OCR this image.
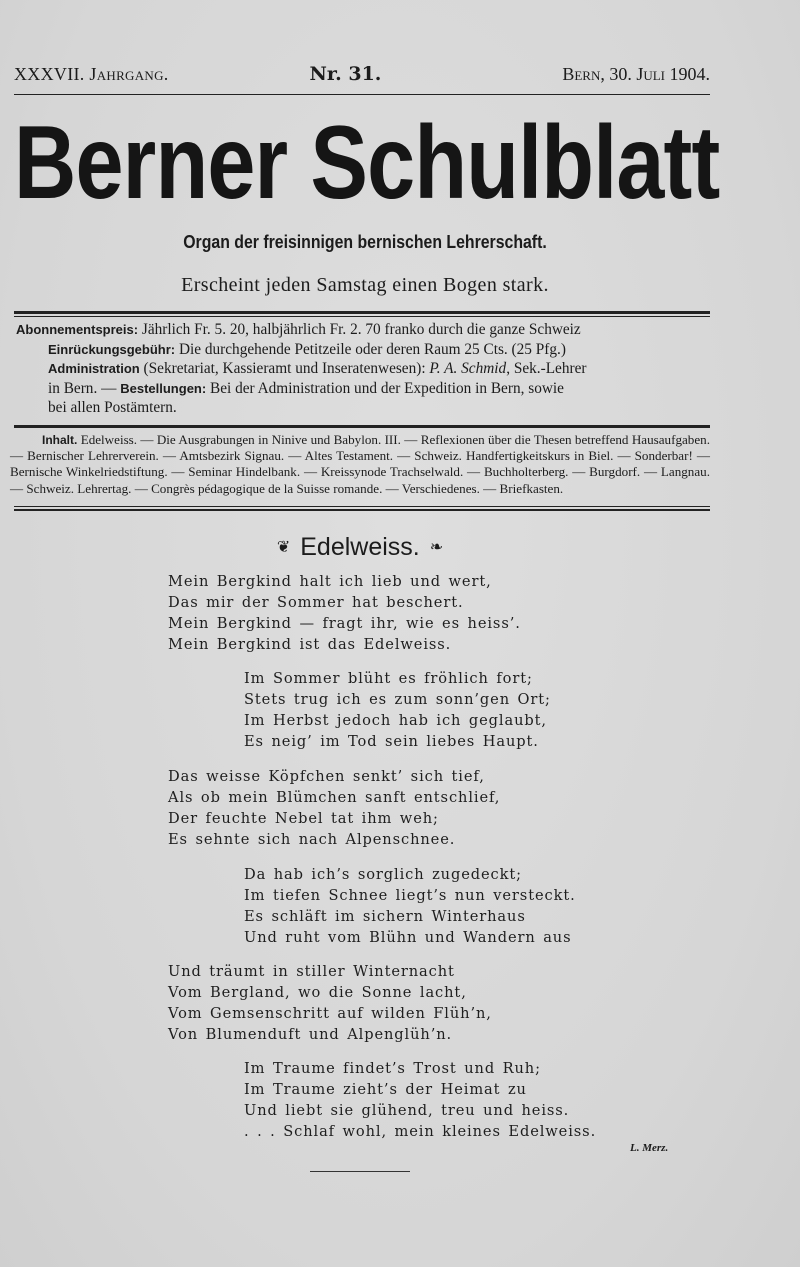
XXXVII. Jahrgang.	Nr. 31.	Bern, 30. Juli 1904.
Berner Schulblatt
Organ der freisinnigen bernischen Lehrerschaft.
Erscheint jeden Samstag einen Bogen stark.
Abonnementspreis: Jährlich Fr. 5. 20, halbjährlich Fr. 2. 70 franko durch die ganze Schweiz
Einrückungsgebühr: Die durchgehende Petitzeile oder deren Raum 25 Cts. (25 Pfg.)
Administration (Sekretariat, Kassieramt und Inseratenwesen): P. A. Schmid, Sek.-Lehrer
in Bern. — Bestellungen: Bei der Administration und der Expedition in Bern, sowie
bei allen Postämtern.
Inhalt. Edelweiss. — Die Ausgrabungen in Ninive und Babylon. III. — Reflexionen über die Thesen betreffend Hausaufgaben. — Bernischer Lehrerverein. — Amtsbezirk Signau. — Altes Testament. — Schweiz. Handfertigkeitskurs in Biel. — Sonderbar! — Bernische Winkelriedstiftung. — Seminar Hindelbank. — Kreissynode Trachselwald. — Buchholterberg. — Burgdorf. — Langnau. — Schweiz. Lehrertag. — Congrès pédagogique de la Suisse romande. — Verschiedenes. — Briefkasten.
❦ Edelweiss. ❧
Mein Bergkind halt ich lieb und wert,
Das mir der Sommer hat beschert.
Mein Bergkind — fragt ihr, wie es heiss’.
Mein Bergkind ist das Edelweiss.
Im Sommer blüht es fröhlich fort;
Stets trug ich es zum sonn’gen Ort;
Im Herbst jedoch hab ich geglaubt,
Es neig’ im Tod sein liebes Haupt.
Das weisse Köpfchen senkt’ sich tief,
Als ob mein Blümchen sanft entschlief,
Der feuchte Nebel tat ihm weh;
Es sehnte sich nach Alpenschnee.
Da hab ich’s sorglich zugedeckt;
Im tiefen Schnee liegt’s nun versteckt.
Es schläft im sichern Winterhaus
Und ruht vom Blühn und Wandern aus
Und träumt in stiller Winternacht
Vom Bergland, wo die Sonne lacht,
Vom Gemsenschritt auf wilden Flüh’n,
Von Blumenduft und Alpenglüh’n.
Im Traume findet’s Trost und Ruh;
Im Traume zieht’s der Heimat zu
Und liebt sie glühend, treu und heiss.
. . . Schlaf wohl, mein kleines Edelweiss.
L. Merz.
